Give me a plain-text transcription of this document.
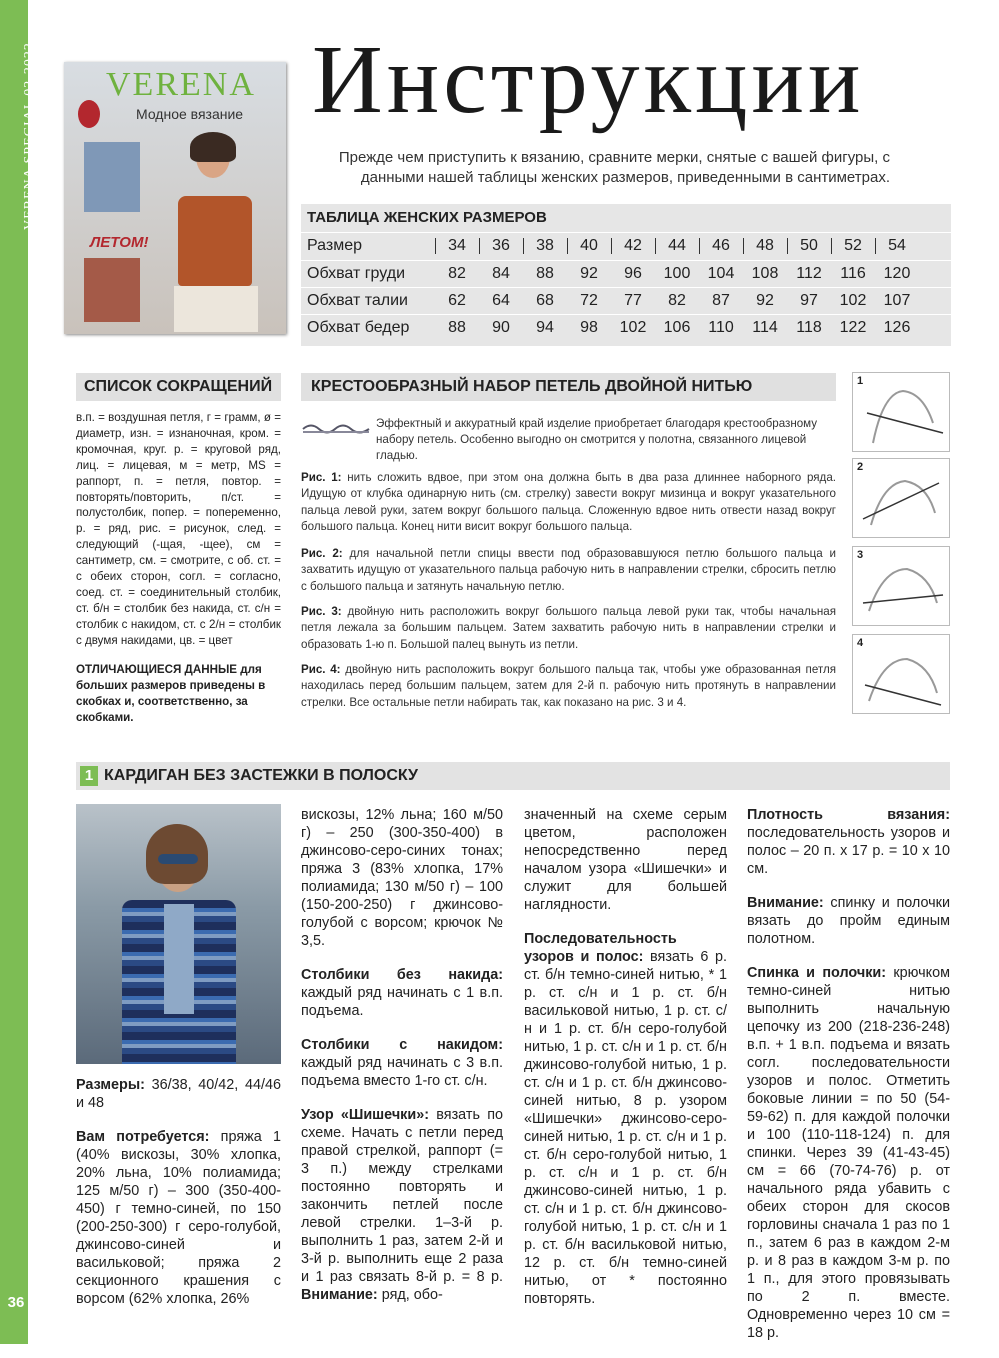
VERENA SPECIAL 02-2022
36
VERENA
Модное вязание
ЛЕТОМ!
Инструкции
Прежде чем приступить к вязанию, сравните мерки, снятые с вашей фигуры, с данными нашей таблицы женских размеров, приведенными в сантиметрах.
ТАБЛИЦА ЖЕНСКИХ РАЗМЕРОВ
Размер	34	36	38	40	42	44	46	48	50	52	54
Обхват груди	82	84	88	92	96	100	104	108	112	116	120
Обхват талии	62	64	68	72	77	82	87	92	97	102	107
Обхват бедер	88	90	94	98	102	106	110	114	118	122	126
СПИСОК СОКРАЩЕНИЙ
в.п. = воздушная петля, г = грамм, ø = диаметр, изн. = изнаночная, кром. = кромочная, круг. р. = круговой ряд, лиц. = лицевая, м = метр, MS = раппорт, п. = петля, повтор. = повторять/повторить, п/ст. = полустолбик, попер. = попеременно, р. = ряд, рис. = рисунок, след. = следующий (-щая, -щее), см = сантиметр, см. = смотрите, с об. ст. = с обеих сторон, согл. = согласно, соед. ст. = соединительный столбик, ст. б/н = столбик без накида, ст. с/н = столбик с накидом, ст. с 2/н = столбик с двумя накидами, цв. = цвет
ОТЛИЧАЮЩИЕСЯ ДАННЫЕ для больших размеров приведены в скобках и, соответственно, за скобками.
КРЕСТООБРАЗНЫЙ НАБОР ПЕТЕЛЬ ДВОЙНОЙ НИТЬЮ
Эффектный и аккуратный край изделие приобретает благодаря крестообразному набору петель. Особенно выгодно он смотрится у полотна, связанного лицевой гладью.
Рис. 1: нить сложить вдвое, при этом она должна быть в два раза длиннее наборного ряда. Идущую от клубка одинарную нить (см. стрелку) завести вокруг мизинца и вокруг указательного пальца левой руки, затем вокруг большого пальца. Сложенную вдвое нить отвести назад вокруг большого пальца. Конец нити висит вокруг большого пальца.
Рис. 2: для начальной петли спицы ввести под образовавшуюся петлю большого пальца и захватить идущую от указательного пальца рабочую нить в направлении стрелки, сбросить петлю с большого пальца и затянуть начальную петлю.
Рис. 3: двойную нить расположить вокруг большого пальца левой руки так, чтобы начальная петля лежала за большим пальцем. Затем захватить рабочую нить в направлении стрелки и образовать 1-ю п. Большой палец вынуть из петли.
Рис. 4: двойную нить расположить вокруг большого пальца так, чтобы уже образованная петля находилась перед большим пальцем, затем для 2-й п. рабочую нить протянуть в направлении стрелки. Все остальные петли набирать так, как показано на рис. 3 и 4.
1
2
3
4
1 КАРДИГАН БЕЗ ЗАСТЕЖКИ В ПОЛОСКУ

Размеры: 36/38, 40/42, 44/46 и 48

Вам потребуется: пряжа 1 (40% вискозы, 30% хлопка, 20% льна, 10% полиамида; 125 м/50 г) – 300 (350-400-450) г темно-синей, по 150 (200-250-300) г серо-голубой, джинсово-синей и васильковой; пряжа 2 секционного крашения с ворсом (62% хлопка, 26%

вискозы, 12% льна; 160 м/50 г) – 250 (300-350-400) в джинсово-серо-синих тонах; пряжа 3 (83% хлопка, 17% полиамида; 130 м/50 г) – 100 (150-200-250) г джинсово-голубой с ворсом; крючок № 3,5.

Столбики без накида: каждый ряд начинать с 1 в.п. подъема.

Столбики с накидом: каждый ряд начинать с 3 в.п. подъема вместо 1-го ст. с/н.

Узор «Шишечки»: вязать по схеме. Начать с петли перед правой стрелкой, раппорт (= 3 п.) между стрелками постоянно повторять и закончить петлей после левой стрелки. 1–3-й р. выполнить 1 раз, затем 2-й и 3-й р. выполнить еще 2 раза и 1 раз связать 8-й р. = 8 р. Внимание: ряд, обо-

значенный на схеме серым цветом, расположен непосредственно перед началом узора «Шишечки» и служит для большей наглядности.

Последовательность узоров и полос: вязать 6 р. ст. б/н темно-синей нитью, * 1 р. ст. с/н и 1 р. ст. б/н васильковой нитью, 1 р. ст. с/н и 1 р. ст. б/н серо-голубой нитью, 1 р. ст. с/н и 1 р. ст. б/н джинсово-голубой нитью, 1 р. ст. с/н и 1 р. ст. б/н джинсово-синей нитью, 8 р. узором «Шишечки» джинсово-серо-синей нитью, 1 р. ст. с/н и 1 р. ст. б/н серо-голубой нитью, 1 р. ст. с/н и 1 р. ст. б/н джинсово-синей нитью, 1 р. ст. с/н и 1 р. ст. б/н джинсово-голубой нитью, 1 р. ст. с/н и 1 р. ст. б/н васильковой нитью, 12 р. ст. б/н темно-синей нитью, от * постоянно повторять.

Плотность вязания: последовательность узоров и полос – 20 п. х 17 р. = 10 х 10 см.

Внимание: спинку и полочки вязать до пройм единым полотном.

Спинка и полочки: крючком темно-синей нитью выполнить начальную цепочку из 200 (218-236-248) в.п. + 1 в.п. подъема и вязать согл. последовательности узоров и полос. Отметить боковые линии = по 50 (54-59-62) п. для каждой полочки и 100 (110-118-124) п. для спинки. Через 39 (41-43-45) см = 66 (70-74-76) р. от начального ряда убавить с обеих сторон для скосов горловины сначала 1 раз по 1 п., затем 6 раз в каждом 2-м р. и 8 раз в каждом 3-м р. по 1 п., для этого провязывать по 2 п. вместе. Одновременно через 10 см = 18 р.
